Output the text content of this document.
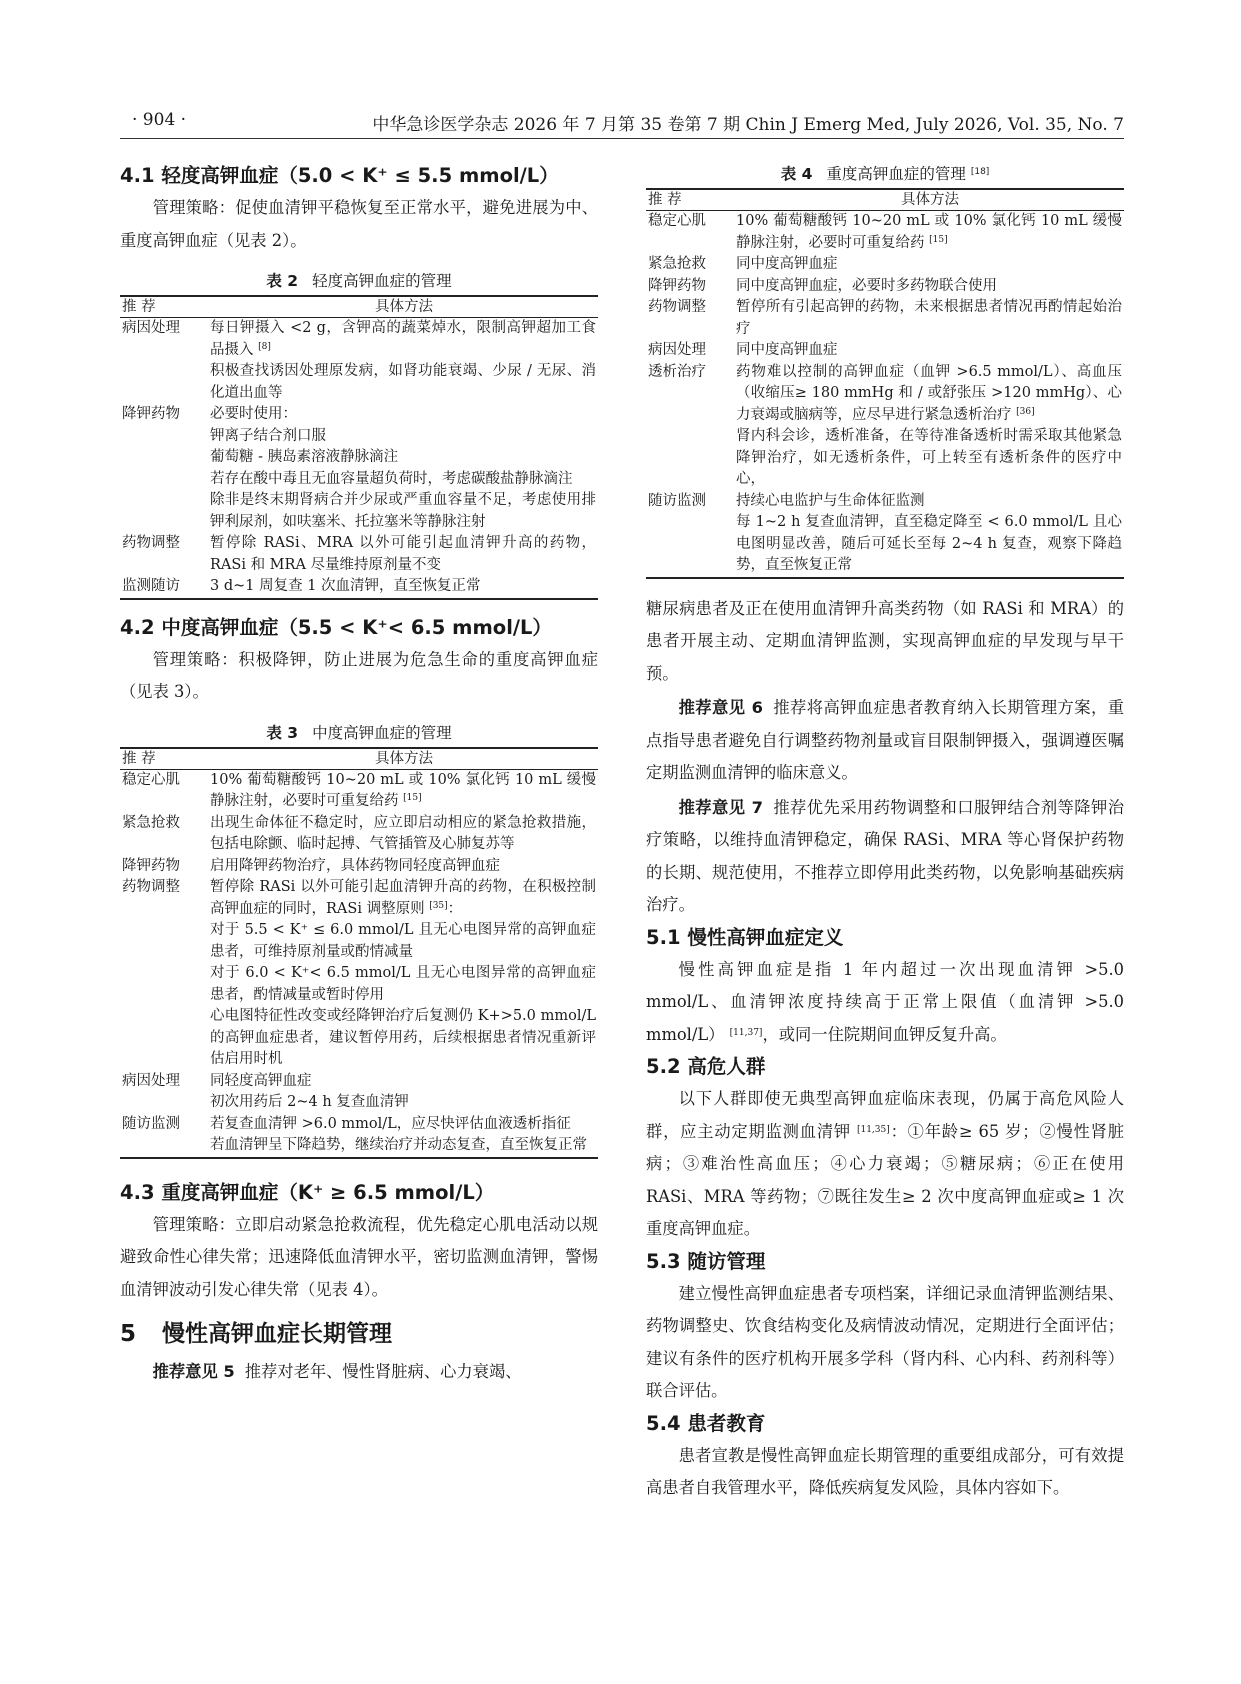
· 904 ·	中华急诊医学杂志 2026 年 7 月第 35 卷第 7 期 Chin J Emerg Med, July 2026, Vol. 35, No. 7
4.1 轻度高钾血症（5.0 < K⁺ ≤ 5.5 mmol/L）

管理策略：促使血清钾平稳恢复至正常水平，避免进展为中、重度高钾血症（见表 2）。

表 2 轻度高钾血症的管理
推 荐	具体方法
病因处理	每日钾摄入 <2 g，含钾高的蔬菜焯水，限制高钾超加工食品摄入 [8]
积极查找诱因处理原发病，如肾功能衰竭、少尿 / 无尿、消化道出血等

降钾药物	必要时使用：
钾离子结合剂口服
葡萄糖 - 胰岛素溶液静脉滴注
若存在酸中毒且无血容量超负荷时，考虑碳酸盐静脉滴注
除非是终末期肾病合并少尿或严重血容量不足，考虑使用排钾利尿剂，如呋塞米、托拉塞米等静脉注射

药物调整	暂停除 RASi、MRA 以外可能引起血清钾升高的药物，RASi 和 MRA 尽量维持原剂量不变
监测随访	3 d~1 周复查 1 次血清钾，直至恢复正常
4.2 中度高钾血症（5.5 < K⁺< 6.5 mmol/L）

管理策略：积极降钾，防止进展为危急生命的重度高钾血症（见表 3）。

表 3 中度高钾血症的管理
推 荐	具体方法
稳定心肌	10% 葡萄糖酸钙 10~20 mL 或 10% 氯化钙 10 mL 缓慢静脉注射，必要时可重复给药 [15]
紧急抢救	出现生命体征不稳定时，应立即启动相应的紧急抢救措施，包括电除颤、临时起搏、气管插管及心肺复苏等
降钾药物	启用降钾药物治疗，具体药物同轻度高钾血症
药物调整	暂停除 RASi 以外可能引起血清钾升高的药物，在积极控制高钾血症的同时，RASi 调整原则 [35]：
对于 5.5 < K⁺ ≤ 6.0 mmol/L 且无心电图异常的高钾血症患者，可维持原剂量或酌情减量
对于 6.0 < K⁺< 6.5 mmol/L 且无心电图异常的高钾血症患者，酌情减量或暂时停用
心电图特征性改变或经降钾治疗后复测仍 K+>5.0 mmol/L 的高钾血症患者，建议暂停用药，后续根据患者情况重新评估启用时机

病因处理	同轻度高钾血症
初次用药后 2~4 h 复查血清钾

随访监测	若复查血清钾 >6.0 mmol/L，应尽快评估血液透析指征
若血清钾呈下降趋势，继续治疗并动态复查，直至恢复正常
4.3 重度高钾血症（K⁺ ≥ 6.5 mmol/L）

管理策略：立即启动紧急抢救流程，优先稳定心肌电活动以规避致命性心律失常；迅速降低血清钾水平，密切监测血清钾，警惕血清钾波动引发心律失常（见表 4）。

5 慢性高钾血症长期管理

推荐意见 5 推荐对老年、慢性肾脏病、心力衰竭、

表 4 重度高钾血症的管理 [18]
推 荐	具体方法
稳定心肌	10% 葡萄糖酸钙 10~20 mL 或 10% 氯化钙 10 mL 缓慢静脉注射，必要时可重复给药 [15]
紧急抢救	同中度高钾血症
降钾药物	同中度高钾血症，必要时多药物联合使用
药物调整	暂停所有引起高钾的药物，未来根据患者情况再酌情起始治疗
病因处理	同中度高钾血症
透析治疗	药物难以控制的高钾血症（血钾 >6.5 mmol/L）、高血压（收缩压≥ 180 mmHg 和 / 或舒张压 >120 mmHg）、心力衰竭或脑病等，应尽早进行紧急透析治疗 [36]
肾内科会诊，透析准备，在等待准备透析时需采取其他紧急降钾治疗，如无透析条件，可上转至有透析条件的医疗中心，

随访监测	持续心电监护与生命体征监测
每 1~2 h 复查血清钾，直至稳定降至 < 6.0 mmol/L 且心电图明显改善，随后可延长至每 2~4 h 复查，观察下降趋势，直至恢复正常

糖尿病患者及正在使用血清钾升高类药物（如 RASi 和 MRA）的患者开展主动、定期血清钾监测，实现高钾血症的早发现与早干预。

推荐意见 6 推荐将高钾血症患者教育纳入长期管理方案，重点指导患者避免自行调整药物剂量或盲目限制钾摄入，强调遵医嘱定期监测血清钾的临床意义。

推荐意见 7 推荐优先采用药物调整和口服钾结合剂等降钾治疗策略，以维持血清钾稳定，确保 RASi、MRA 等心肾保护药物的长期、规范使用，不推荐立即停用此类药物，以免影响基础疾病治疗。

5.1 慢性高钾血症定义

慢性高钾血症是指 1 年内超过一次出现血清钾 >5.0 mmol/L、血清钾浓度持续高于正常上限值（血清钾 >5.0 mmol/L） [11,37]，或同一住院期间血钾反复升高。

5.2 高危人群

以下人群即使无典型高钾血症临床表现，仍属于高危风险人群，应主动定期监测血清钾 [11,35]：①年龄≥ 65 岁；②慢性肾脏病；③难治性高血压；④心力衰竭；⑤糖尿病；⑥正在使用 RASi、MRA 等药物；⑦既往发生≥ 2 次中度高钾血症或≥ 1 次重度高钾血症。

5.3 随访管理

建立慢性高钾血症患者专项档案，详细记录血清钾监测结果、药物调整史、饮食结构变化及病情波动情况，定期进行全面评估；建议有条件的医疗机构开展多学科（肾内科、心内科、药剂科等）联合评估。

5.4 患者教育

患者宣教是慢性高钾血症长期管理的重要组成部分，可有效提高患者自我管理水平，降低疾病复发风险，具体内容如下。
